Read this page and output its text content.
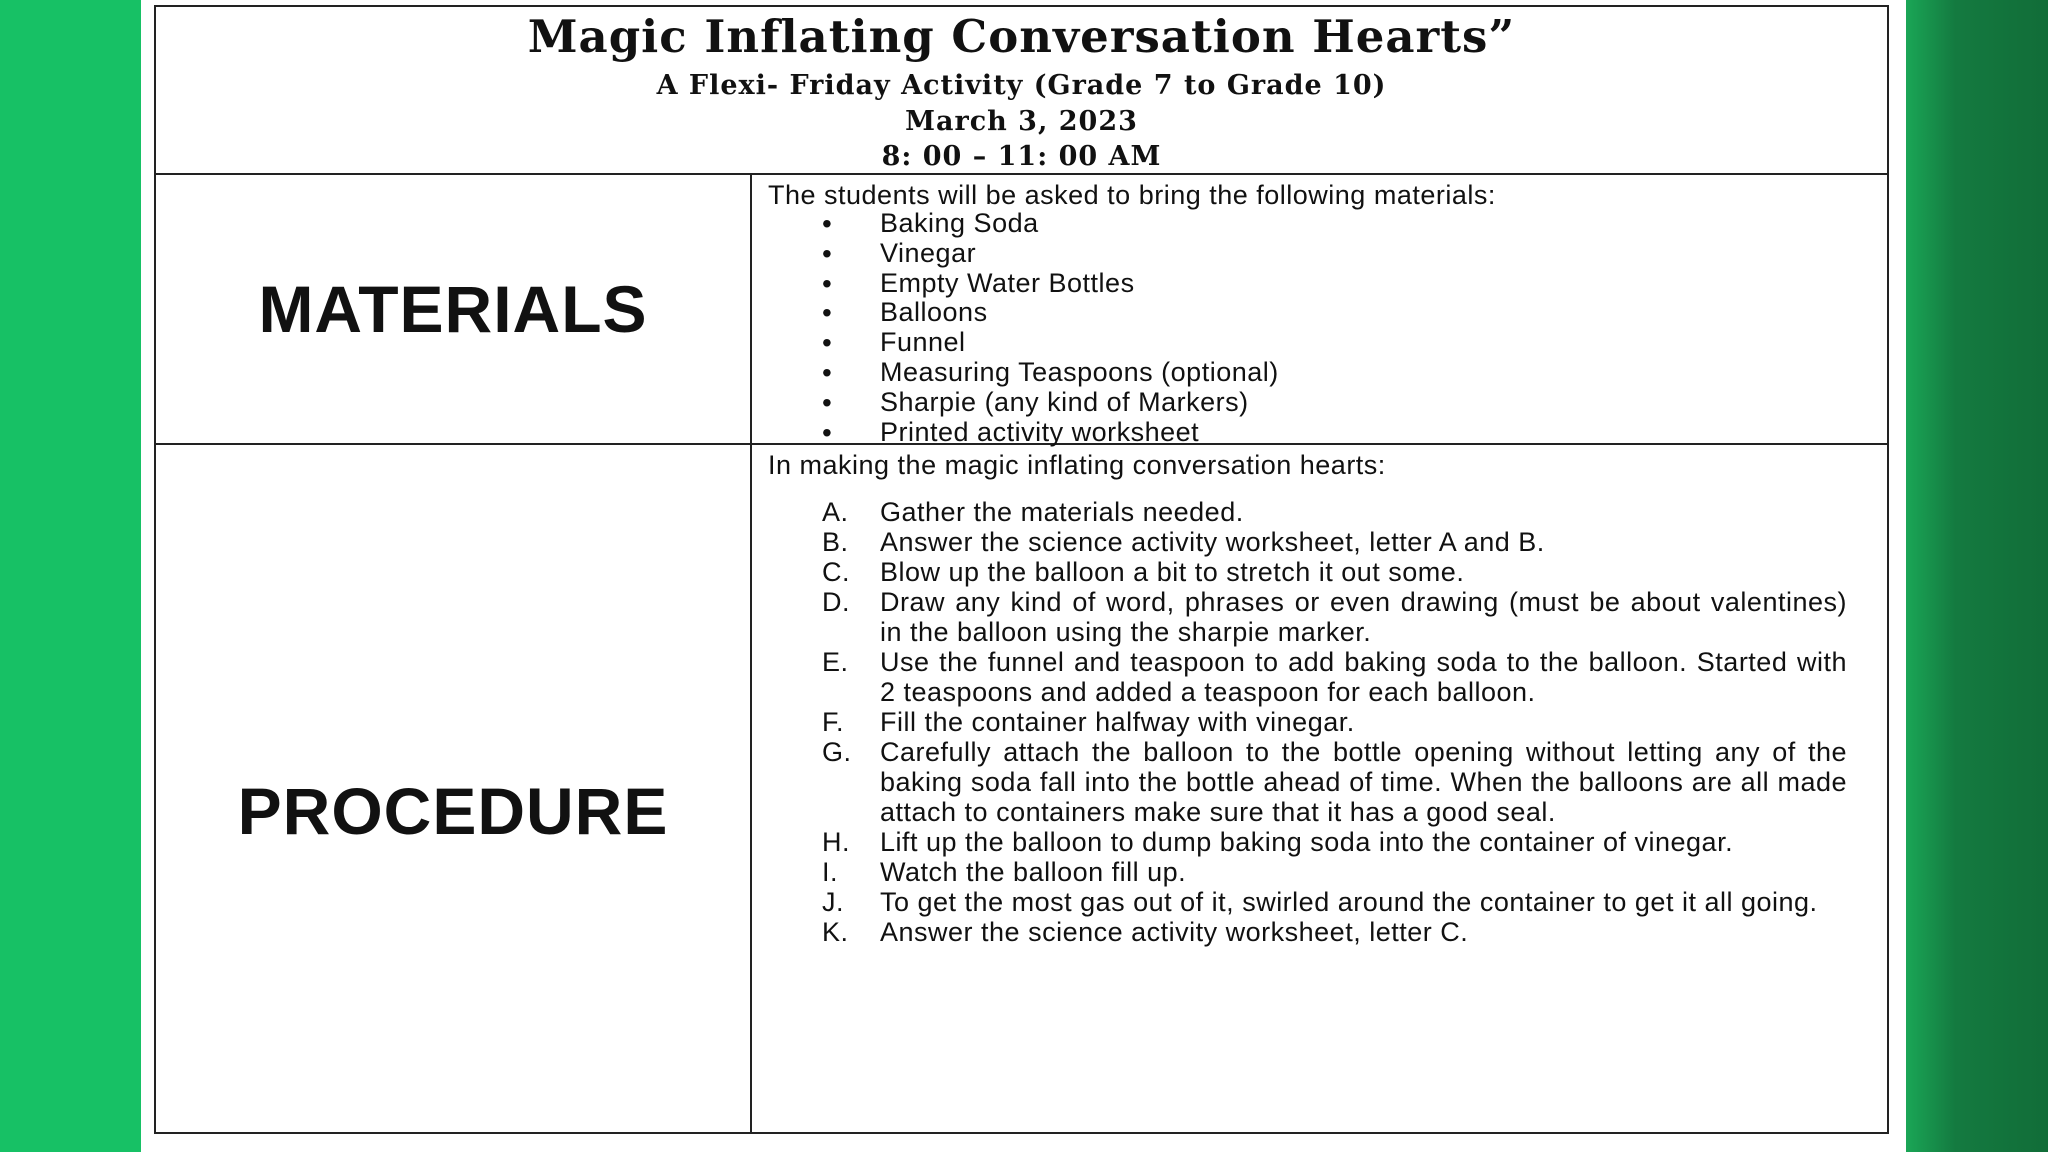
Magic Inflating Conversation Hearts”
A Flexi- Friday Activity (Grade 7 to Grade 10)
March 3, 2023
8: 00 – 11: 00 AM
MATERIALS
The students will be asked to bring the following materials:
• Baking Soda
• Vinegar
• Empty Water Bottles
• Balloons
• Funnel
• Measuring Teaspoons (optional)
• Sharpie (any kind of Markers)
• Printed activity worksheet
PROCEDURE
In making the magic inflating conversation hearts:
A.	Gather the materials needed.
B.	Answer the science activity worksheet, letter A and B.
C.	Blow up the balloon a bit to stretch it out some.
D.	Draw any kind of word, phrases or even drawing (must be about valentines) in the balloon using the sharpie marker.
E.	Use the funnel and teaspoon to add baking soda to the balloon. Started with 2 teaspoons and added a teaspoon for each balloon.
F.	Fill the container halfway with vinegar.
G.	Carefully attach the balloon to the bottle opening without letting any of the baking soda fall into the bottle ahead of time. When the balloons are all made attach to containers make sure that it has a good seal.
H.	Lift up the balloon to dump baking soda into the container of vinegar.
I.	Watch the balloon fill up.
J.	To get the most gas out of it, swirled around the container to get it all going.
K.	Answer the science activity worksheet, letter C.
